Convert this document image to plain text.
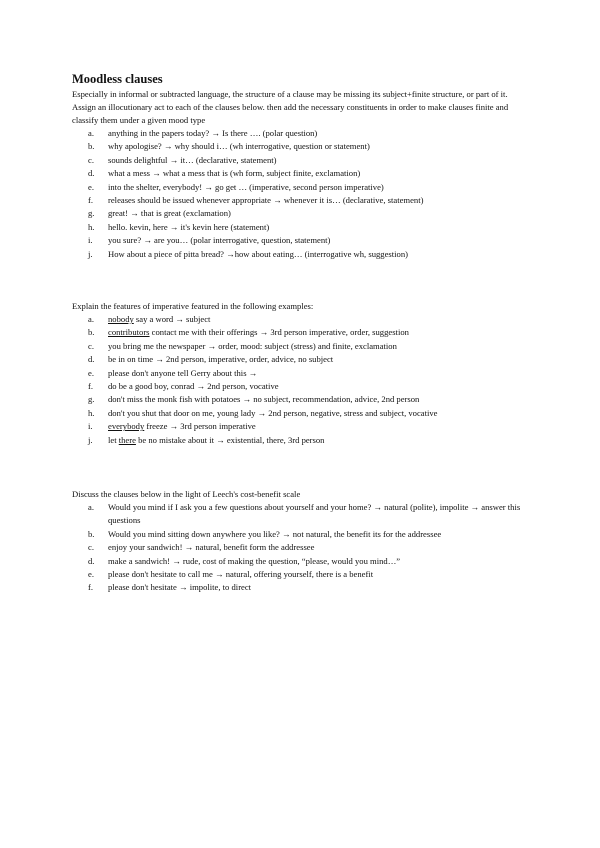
Moodless clauses

Especially in informal or subtracted language, the structure of a clause may be missing its subject+finite structure, or part of it. Assign an illocutionary act to each of the clauses below. then add the necessary constituents in order to make clauses finite and classify them under a given mood type

a. anything in the papers today? → Is there …. (polar question)
b. why apologise? → why should i… (wh interrogative, question or statement)
c. sounds delightful → it… (declarative, statement)
d. what a mess → what a mess that is (wh form, subject finite, exclamation)
e. into the shelter, everybody! → go get … (imperative, second person imperative)
f. releases should be issued whenever appropriate → whenever it is… (declarative, statement)
g. great! → that is great (exclamation)
h. hello. kevin, here → it's kevin here (statement)
i. you sure? → are you… (polar interrogative, question, statement)
j. How about a piece of pitta bread? →how about eating… (interrogative wh, suggestion)

Explain the features of imperative featured in the following examples:

a. nobody say a word → subject
b. contributors contact me with their offerings → 3rd person imperative, order, suggestion
c. you bring me the newspaper → order, mood: subject (stress) and finite, exclamation
d. be in on time → 2nd person, imperative, order, advice, no subject
e. please don't anyone tell Gerry about this →
f. do be a good boy, conrad → 2nd person, vocative
g. don't miss the monk fish with potatoes → no subject, recommendation, advice, 2nd person
h. don't you shut that door on me, young lady → 2nd person, negative, stress and subject, vocative
i. everybody freeze → 3rd person imperative
j. let there be no mistake about it → existential, there, 3rd person

Discuss the clauses below in the light of Leech's cost-benefit scale

a. Would you mind if I ask you a few questions about yourself and your home? → natural (polite), impolite → answer this questions
b. Would you mind sitting down anywhere you like? → not natural, the benefit its for the addressee
c. enjoy your sandwich! → natural, benefit form the addressee
d. make a sandwich! → rude, cost of making the question, “please, would you mind…”
e. please don't hesitate to call me → natural, offering yourself, there is a benefit
f. please don't hesitate → impolite, to direct
